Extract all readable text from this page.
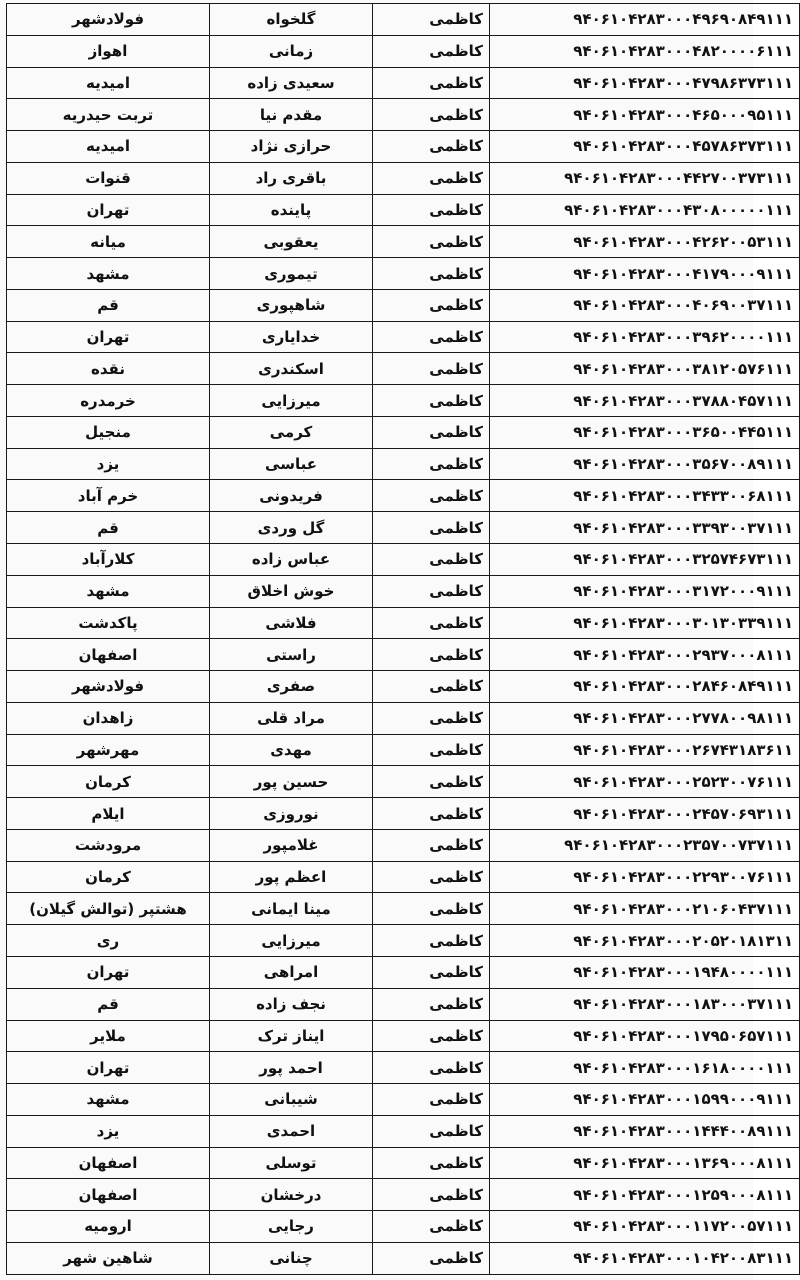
فولادشهر	گلخواه	کاظمی	۹۴۰۶۱۰۴۲۸۳۰۰۰۴۹۶۹۰۸۴۹۱۱۱
اهواز	زمانی	کاظمی	۹۴۰۶۱۰۴۲۸۳۰۰۰۴۸۲۰۰۰۰۶۱۱۱
امیدیه	سعیدی زاده	کاظمی	۹۴۰۶۱۰۴۲۸۳۰۰۰۴۷۹۸۶۳۷۳۱۱۱
تربت حیدریه	مقدم نیا	کاظمی	۹۴۰۶۱۰۴۲۸۳۰۰۰۴۶۵۰۰۰۹۵۱۱۱
امیدیه	حرازی نژاد	کاظمی	۹۴۰۶۱۰۴۲۸۳۰۰۰۴۵۷۸۶۳۷۳۱۱۱
قنوات	باقری راد	کاظمی	۹۴۰۶۱۰۴۲۸۳۰۰۰۴۴۲۷۰۰۳۷۳۱۱۱
تهران	پاینده	کاظمی	۹۴۰۶۱۰۴۲۸۳۰۰۰۴۳۰۸۰۰۰۰۰۱۱۱
میانه	یعقوبی	کاظمی	۹۴۰۶۱۰۴۲۸۳۰۰۰۴۲۶۲۰۰۵۳۱۱۱
مشهد	تیموری	کاظمی	۹۴۰۶۱۰۴۲۸۳۰۰۰۴۱۷۹۰۰۰۹۱۱۱
قم	شاهپوری	کاظمی	۹۴۰۶۱۰۴۲۸۳۰۰۰۴۰۶۹۰۰۳۷۱۱۱
تهران	خدایاری	کاظمی	۹۴۰۶۱۰۴۲۸۳۰۰۰۳۹۶۲۰۰۰۰۱۱۱
نقده	اسکندری	کاظمی	۹۴۰۶۱۰۴۲۸۳۰۰۰۳۸۱۲۰۵۷۶۱۱۱
خرمدره	میرزایی	کاظمی	۹۴۰۶۱۰۴۲۸۳۰۰۰۳۷۸۸۰۴۵۷۱۱۱
منجیل	کرمی	کاظمی	۹۴۰۶۱۰۴۲۸۳۰۰۰۳۶۵۰۰۴۴۵۱۱۱
یزد	عباسی	کاظمی	۹۴۰۶۱۰۴۲۸۳۰۰۰۳۵۶۷۰۰۸۹۱۱۱
خرم آباد	فریدونی	کاظمی	۹۴۰۶۱۰۴۲۸۳۰۰۰۳۴۳۳۰۰۶۸۱۱۱
قم	گل وردی	کاظمی	۹۴۰۶۱۰۴۲۸۳۰۰۰۳۳۹۳۰۰۳۷۱۱۱
کلارآباد	عباس زاده	کاظمی	۹۴۰۶۱۰۴۲۸۳۰۰۰۳۲۵۷۴۶۷۳۱۱۱
مشهد	خوش اخلاق	کاظمی	۹۴۰۶۱۰۴۲۸۳۰۰۰۳۱۷۲۰۰۰۹۱۱۱
پاکدشت	فلاشی	کاظمی	۹۴۰۶۱۰۴۲۸۳۰۰۰۳۰۱۳۰۳۳۹۱۱۱
اصفهان	راستی	کاظمی	۹۴۰۶۱۰۴۲۸۳۰۰۰۲۹۳۷۰۰۰۸۱۱۱
فولادشهر	صفری	کاظمی	۹۴۰۶۱۰۴۲۸۳۰۰۰۲۸۴۶۰۸۴۹۱۱۱
زاهدان	مراد قلی	کاظمی	۹۴۰۶۱۰۴۲۸۳۰۰۰۲۷۷۸۰۰۹۸۱۱۱
مهرشهر	مهدی	کاظمی	۹۴۰۶۱۰۴۲۸۳۰۰۰۲۶۷۴۳۱۸۳۶۱۱
کرمان	حسین پور	کاظمی	۹۴۰۶۱۰۴۲۸۳۰۰۰۲۵۲۳۰۰۷۶۱۱۱
ایلام	نوروزی	کاظمی	۹۴۰۶۱۰۴۲۸۳۰۰۰۲۴۵۷۰۶۹۳۱۱۱
مرودشت	غلامپور	کاظمی	۹۴۰۶۱۰۴۲۸۳۰۰۰۲۳۵۷۰۰۷۳۷۱۱۱
کرمان	اعظم پور	کاظمی	۹۴۰۶۱۰۴۲۸۳۰۰۰۲۲۹۳۰۰۷۶۱۱۱
هشتپر (توالش گیلان)	مینا ایمانی	کاظمی	۹۴۰۶۱۰۴۲۸۳۰۰۰۲۱۰۶۰۴۳۷۱۱۱
ری	میرزایی	کاظمی	۹۴۰۶۱۰۴۲۸۳۰۰۰۲۰۵۲۰۱۸۱۳۱۱
تهران	امراهی	کاظمی	۹۴۰۶۱۰۴۲۸۳۰۰۰۱۹۴۸۰۰۰۰۱۱۱
قم	نجف زاده	کاظمی	۹۴۰۶۱۰۴۲۸۳۰۰۰۱۸۳۰۰۰۳۷۱۱۱
ملایر	ایناز ترک	کاظمی	۹۴۰۶۱۰۴۲۸۳۰۰۰۱۷۹۵۰۶۵۷۱۱۱
تهران	احمد پور	کاظمی	۹۴۰۶۱۰۴۲۸۳۰۰۰۱۶۱۸۰۰۰۰۱۱۱
مشهد	شیبانی	کاظمی	۹۴۰۶۱۰۴۲۸۳۰۰۰۱۵۹۹۰۰۰۹۱۱۱
یزد	احمدی	کاظمی	۹۴۰۶۱۰۴۲۸۳۰۰۰۱۴۴۴۰۰۸۹۱۱۱
اصفهان	توسلی	کاظمی	۹۴۰۶۱۰۴۲۸۳۰۰۰۱۳۶۹۰۰۰۸۱۱۱
اصفهان	درخشان	کاظمی	۹۴۰۶۱۰۴۲۸۳۰۰۰۱۲۵۹۰۰۰۸۱۱۱
ارومیه	رجایی	کاظمی	۹۴۰۶۱۰۴۲۸۳۰۰۰۱۱۷۲۰۰۵۷۱۱۱
شاهین شهر	چنانی	کاظمی	۹۴۰۶۱۰۴۲۸۳۰۰۰۱۰۴۲۰۰۸۳۱۱۱
